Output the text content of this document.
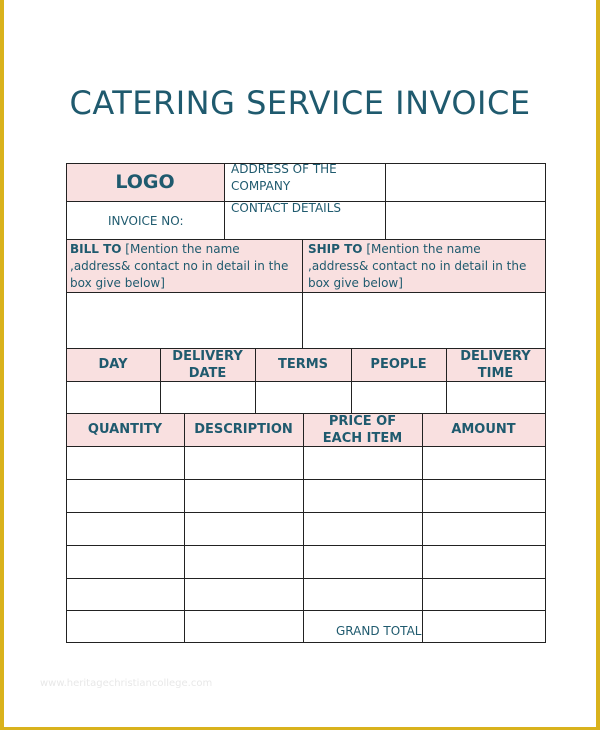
CATERING SERVICE INVOICE
LOGO
INVOICE NO:
ADDRESS OF THE COMPANY
CONTACT DETAILS
BILL TO [Mention the name ,address& contact no in detail in the box give below]
SHIP TO [Mention the name ,address& contact no in detail in the box give below]
DAY
DELIVERY DATE
TERMS	PEOPLE
DELIVERY TIME
QUANTITY	DESCRIPTION
PRICE OF EACH ITEM
AMOUNT
GRAND TOTAL
www.heritagechristiancollege.com
